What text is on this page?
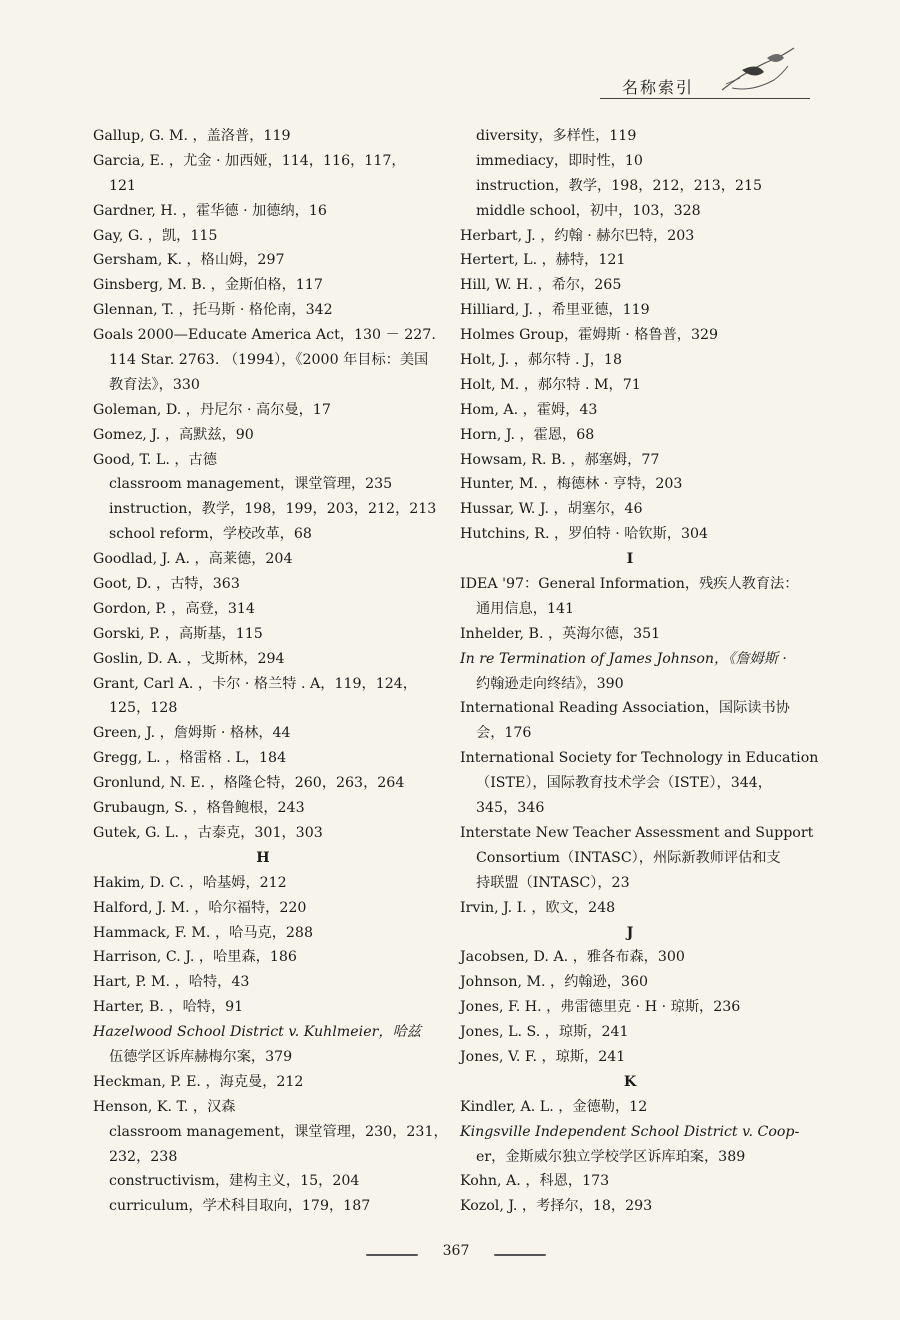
名称索引
Gallup, G. M. ，盖洛普，119
Garcia, E. ，尤金 · 加西娅，114，116，117，
121
Gardner, H. ，霍华德 · 加德纳，16
Gay, G. ，凯，115
Gersham, K. ，格山姆，297
Ginsberg, M. B. ，金斯伯格，117
Glennan, T. ，托马斯 · 格伦南，342
Goals 2000—Educate America Act，130 － 227.
114 Star. 2763. （1994），《2000 年目标：美国
教育法》，330
Goleman, D. ，丹尼尔 · 高尔曼，17
Gomez, J. ，高默兹，90
Good, T. L. ，古德
classroom management，课堂管理，235
instruction，教学，198，199，203，212，213
school reform，学校改革，68
Goodlad, J. A. ，高莱德，204
Goot, D. ，古特，363
Gordon, P. ，高登，314
Gorski, P. ，高斯基，115
Goslin, D. A. ，戈斯林，294
Grant, Carl A. ，卡尔 · 格兰特 . A，119，124，
125，128
Green, J. ，詹姆斯 · 格林，44
Gregg, L. ，格雷格 . L，184
Gronlund, N. E. ，格隆仑特，260，263，264
Grubaugn, S. ，格鲁鲍根，243
Gutek, G. L. ，古泰克，301，303
H
Hakim, D. C. ，哈基姆，212
Halford, J. M. ，哈尔福特，220
Hammack, F. M. ，哈马克，288
Harrison, C. J. ，哈里森，186
Hart, P. M. ，哈特，43
Harter, B. ，哈特，91
Hazelwood School District v. Kuhlmeier，哈兹
伍德学区诉库赫梅尔案，379
Heckman, P. E. ，海克曼，212
Henson, K. T. ，汉森
classroom management，课堂管理，230，231，
232，238
constructivism，建构主义，15，204
curriculum，学术科目取向，179，187
diversity，多样性，119
immediacy，即时性，10
instruction，教学，198，212，213，215
middle school，初中，103，328
Herbart, J. ，约翰 · 赫尔巴特，203
Hertert, L. ，赫特，121
Hill, W. H. ，希尔，265
Hilliard, J. ，希里亚德，119
Holmes Group，霍姆斯 · 格鲁普，329
Holt, J. ，郝尔特 . J，18
Holt, M. ，郝尔特 . M，71
Hom, A. ，霍姆，43
Horn, J. ，霍恩，68
Howsam, R. B. ，郝塞姆，77
Hunter, M. ，梅德林 · 亨特，203
Hussar, W. J. ，胡塞尔，46
Hutchins, R. ，罗伯特 · 哈钦斯，304
I
IDEA '97：General Information，残疾人教育法：
通用信息，141
Inhelder, B. ，英海尔德，351
In re Termination of James Johnson，《詹姆斯 ·
约翰逊走向终结》，390
International Reading Association，国际读书协
会，176
International Society for Technology in Education
（ISTE），国际教育技术学会（ISTE），344，
345，346
Interstate New Teacher Assessment and Support
Consortium（INTASC），州际新教师评估和支
持联盟（INTASC），23
Irvin, J. I. ，欧文，248
J
Jacobsen, D. A. ，雅各布森，300
Johnson, M. ，约翰逊，360
Jones, F. H. ，弗雷德里克 · H · 琼斯，236
Jones, L. S. ，琼斯，241
Jones, V. F. ，琼斯，241
K
Kindler, A. L. ，金德勒，12
Kingsville Independent School District v. Coop-
er，金斯威尔独立学校学区诉库珀案，389
Kohn, A. ，科恩，173
Kozol, J. ，考择尔，18，293
367
